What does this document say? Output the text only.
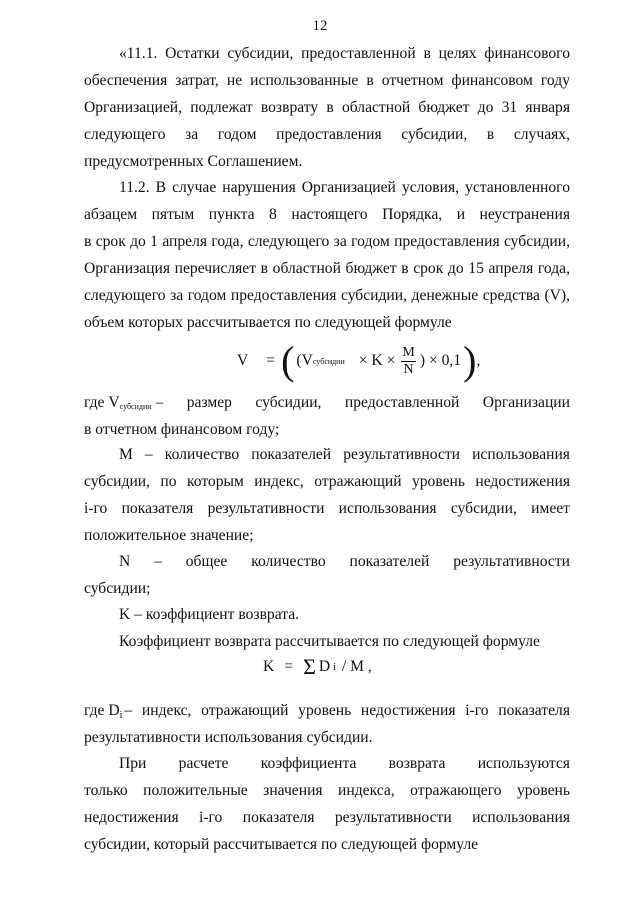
12
«11.1. Остатки субсидии, предоставленной в целях финансового
обеспечения затрат, не использованные в отчетном финансовом году
Организацией, подлежат возврату в областной бюджет до 31 января
следующего за годом предоставления субсидии, в случаях,
предусмотренных Соглашением.
11.2. В случае нарушения Организацией условия, установленного
абзацем пятым пункта 8 настоящего Порядка, и неустранения
в срок до 1 апреля года, следующего за годом предоставления субсидии,
Организация перечисляет в областной бюджет в срок до 15 апреля года,
следующего за годом предоставления субсидии, денежные средства (V),
объем которых рассчитывается по следующей формуле
V = ( (V субсидии × $K \times \frac{M}{N}$ ) × 0,1 ) ,
где $V_{субсидии}$ – размер субсидии, предоставленной Организации
в отчетном финансовом году;
M – количество показателей результативности использования
субсидии, по которым индекс, отражающий уровень недостижения
i-го показателя результативности использования субсидии, имеет
положительное значение;
N – общее количество показателей результативности
субсидии;
K – коэффициент возврата.
Коэффициент возврата рассчитывается по следующей формуле
K = Σ D i / M ,
где Di – индекс, отражающий уровень недостижения i-го показателя
результативности использования субсидии.
При расчете коэффициента возврата используются
только положительные значения индекса, отражающего уровень
недостижения i-го показателя результативности использования
субсидии, который рассчитывается по следующей формуле
